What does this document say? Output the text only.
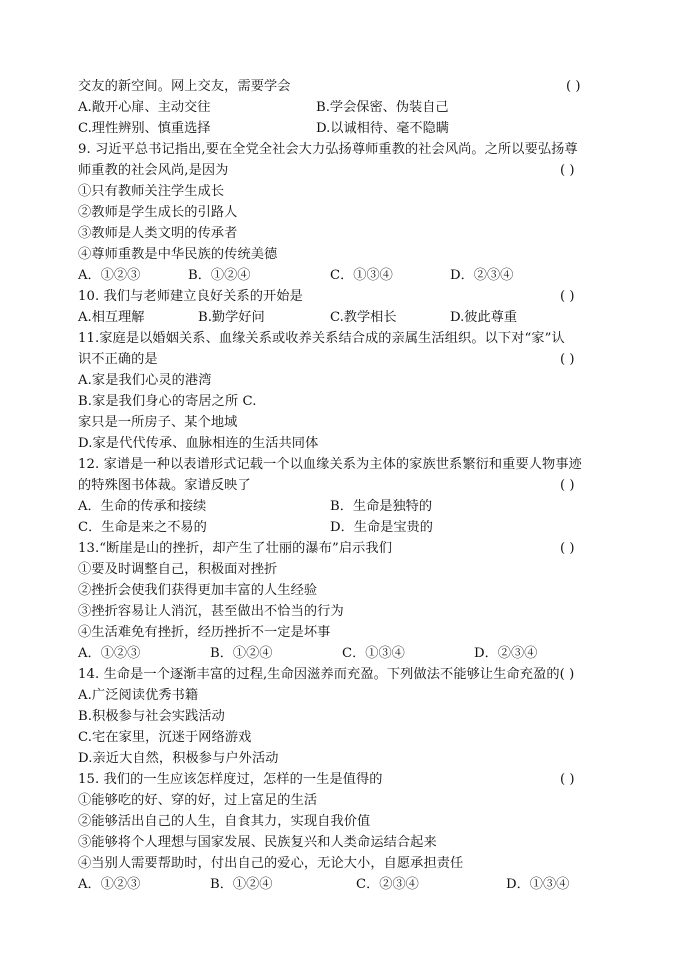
交友的新空间。网上交友，需要学会	( )
A.敞开心扉、主动交往	B.学会保密、伪装自己
C.理性辨别、慎重选择	D.以诚相待、毫不隐瞒
9. 习近平总书记指出,要在全党全社会大力弘扬尊师重教的社会风尚。之所以要弘扬尊
师重教的社会风尚,是因为	( )
①只有教师关注学生成长
②教师是学生成长的引路人
③教师是人类文明的传承者
④尊师重教是中华民族的传统美德
A．①②③	B．①②④	C．①③④	D．②③④
10. 我们与老师建立良好关系的开始是	( )
A.相互理解	B.勤学好问	C.教学相长	D.彼此尊重
11.家庭是以婚姻关系、血缘关系或收养关系结合成的亲属生活组织。以下对“家”认
识不正确的是	( )
A.家是我们心灵的港湾
B.家是我们身心的寄居之所 C.
家只是一所房子、某个地域
D.家是代代传承、血脉相连的生活共同体
12. 家谱是一种以表谱形式记载一个以血缘关系为主体的家族世系繁衍和重要人物事迹
的特殊图书体裁。家谱反映了	( )
A．生命的传承和接续	B．生命是独特的
C．生命是来之不易的	D．生命是宝贵的
13.“断崖是山的挫折，却产生了壮丽的瀑布”启示我们	( )
①要及时调整自己，积极面对挫折
②挫折会使我们获得更加丰富的人生经验
③挫折容易让人消沉，甚至做出不恰当的行为
④生活难免有挫折，经历挫折不一定是坏事
A．①②③	B．①②④	C．①③④	D．②③④
14. 生命是一个逐渐丰富的过程,生命因滋养而充盈。下列做法不能够让生命充盈的( )
A.广泛阅读优秀书籍
B.积极参与社会实践活动
C.宅在家里，沉迷于网络游戏
D.亲近大自然，积极参与户外活动
15. 我们的一生应该怎样度过，怎样的一生是值得的	( )
①能够吃的好、穿的好，过上富足的生活
②能够活出自己的人生，自食其力，实现自我价值
③能够将个人理想与国家发展、民族复兴和人类命运结合起来
④当别人需要帮助时，付出自己的爱心，无论大小，自愿承担责任
A．①②③	B．①②④	C．②③④	D．①③④
